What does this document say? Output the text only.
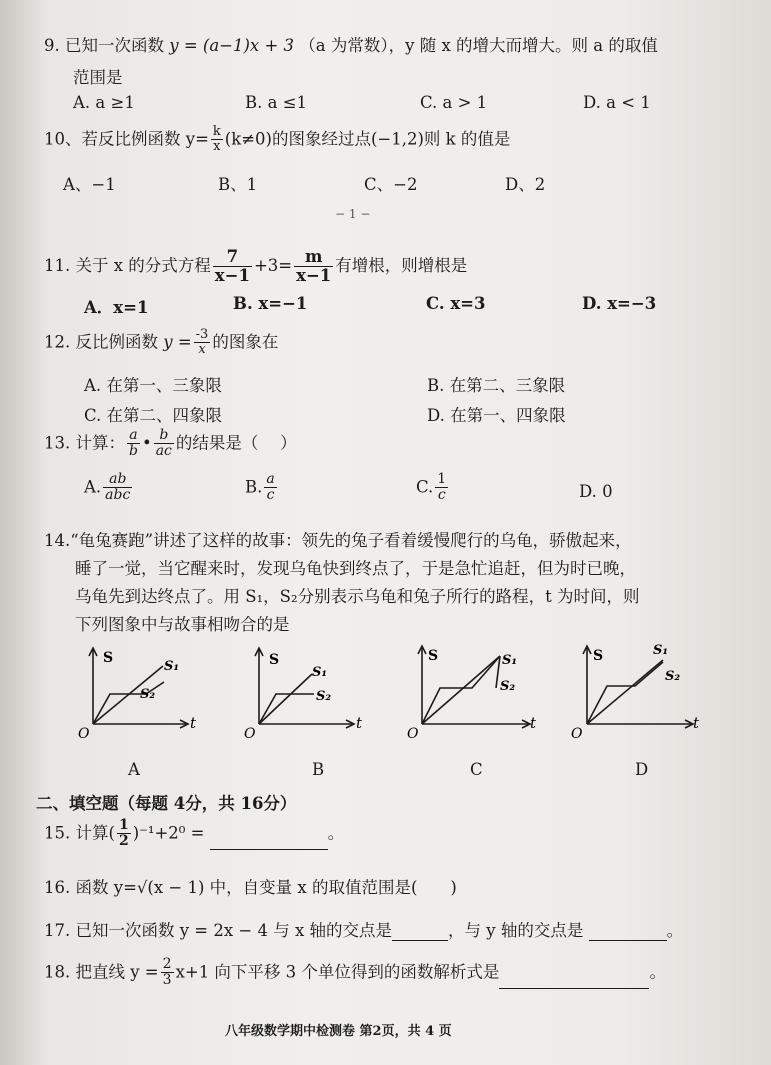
9. 已知一次函数 y = (a−1)x + 3 （a 为常数），y 随 x 的增大而增大。则 a 的取值
范围是
A. a ≥1	B. a ≤1	C. a > 1	D. a < 1
10、若反比例函数 $y= \frac{k}{x} (k\ne 0)$的图象经过点(−1,2)则 k 的值是
A、−1	B、1	C、−2	D、2
− 1 −
11. 关于 x 的分式方程 $\frac{7}{x-1} +3= \frac{m}{x-1}$ 有增根，则增根是
A．x=1	B. x=−1	C. x=3	D. x=−3
12. 反比例函数 $y = \frac{-3}{x}$ 的图象在
A. 在第一、三象限	B. 在第二、三象限
C. 在第二、四象限	D. 在第一、四象限
13. 计算： $\frac{a}{b}$ • $\frac{b}{ac}$ 的结果是（　 ）
A. $\frac{ab}{\text{abc}}$	B. $\frac{a}{c}$	C. $\frac{1}{c}$	D. 0
14.“龟兔赛跑”讲述了这样的故事：领先的兔子看着缓慢爬行的乌龟，骄傲起来，
睡了一觉，当它醒来时，发现乌龟快到终点了，于是急忙追赶，但为时已晚，
乌龟先到达终点了。用 S₁，S₂分别表示乌龟和兔子所行的路程，t 为时间，则
下列图象中与故事相吻合的是
S
t
O
S₁
S₂
S
t
O
S₁
S₂
S
t
O
S₁
S₂
S
t
O
S₁
S₂
A	B	C	D
二、填空题（每题 4分，共 16分）
15. 计算( $\frac{1}{2} )^{-1}+2^0$ =	。
16. 函数 y=√(x − 1) 中，自变量 x 的取值范围是(　　)
17. 已知一次函数 y = 2x − 4 与 x 轴的交点是	，与 y 轴的交点是	。
18. 把直线 $y = \frac{2}{3} x+1$ 向下平移 3 个单位得到的函数解析式是	。
八年级数学期中检测卷 第2页，共 4 页
